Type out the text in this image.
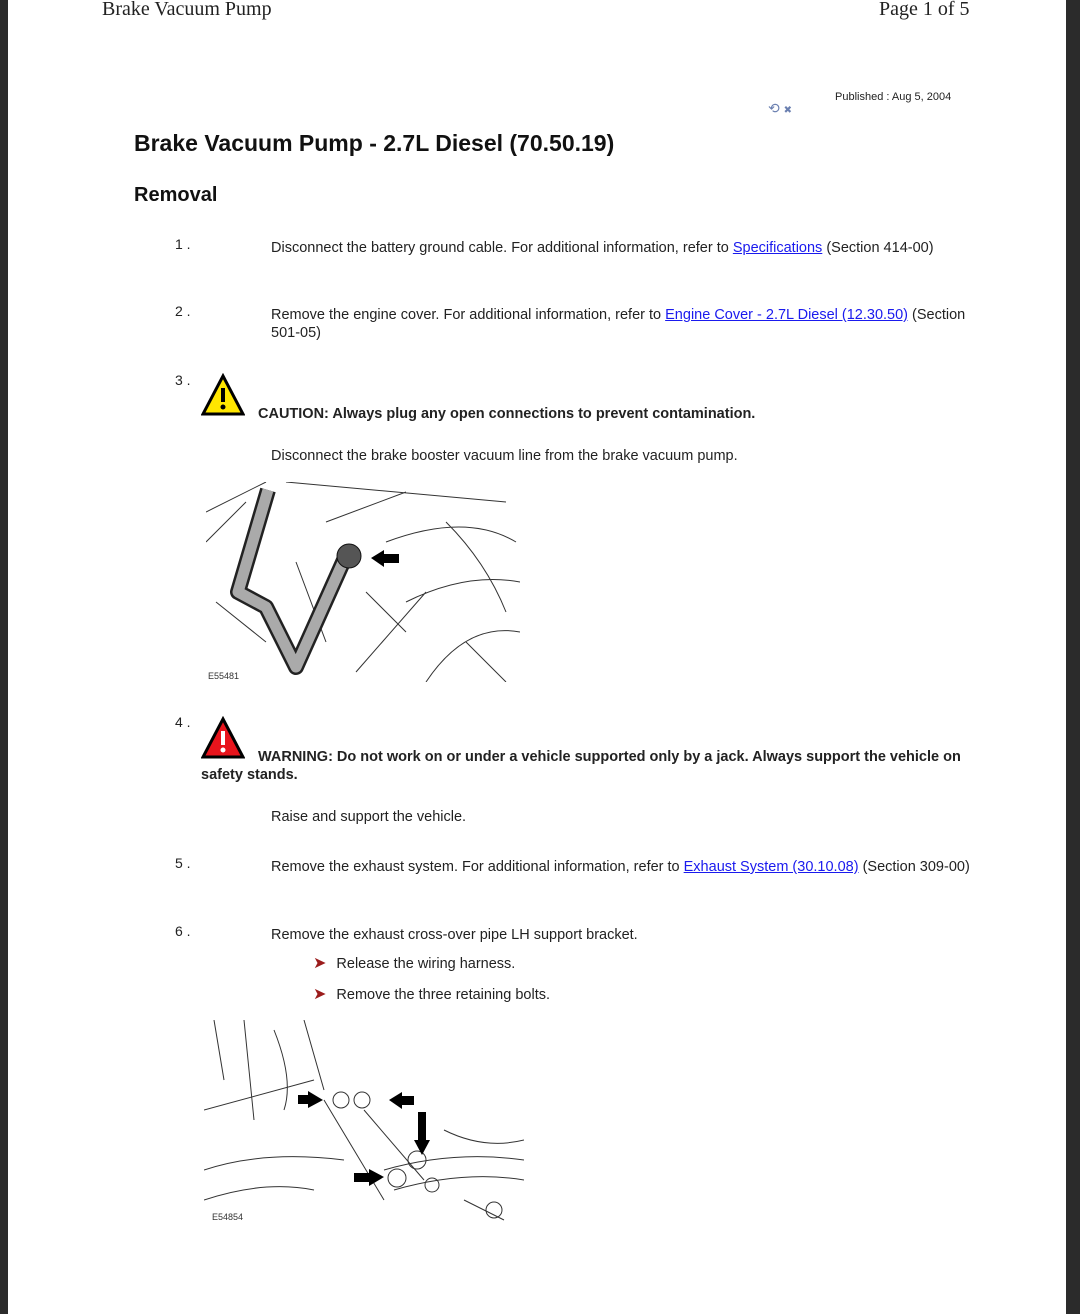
Brake Vacuum Pump	Page 1 of 5
⟲ ✖
Published : Aug 5, 2004
Brake Vacuum Pump - 2.7L Diesel (70.50.19)
Removal
1 .	Disconnect the battery ground cable. For additional information, refer to Specifications (Section 414-00)
2 .	Remove the engine cover. For additional information, refer to Engine Cover - 2.7L Diesel (12.30.50) (Section 501-05)
3 .
CAUTION: Always plug any open connections to prevent contamination.
Disconnect the brake booster vacuum line from the brake vacuum pump.
E55481
4 .
WARNING: Do not work on or under a vehicle supported only by a jack. Always support the vehicle on safety stands.
Raise and support the vehicle.
5 .	Remove the exhaust system. For additional information, refer to Exhaust System (30.10.08) (Section 309-00)
6 .	Remove the exhaust cross-over pipe LH support bracket.
➤ Release the wiring harness.
➤ Remove the three retaining bolts.
E54854
